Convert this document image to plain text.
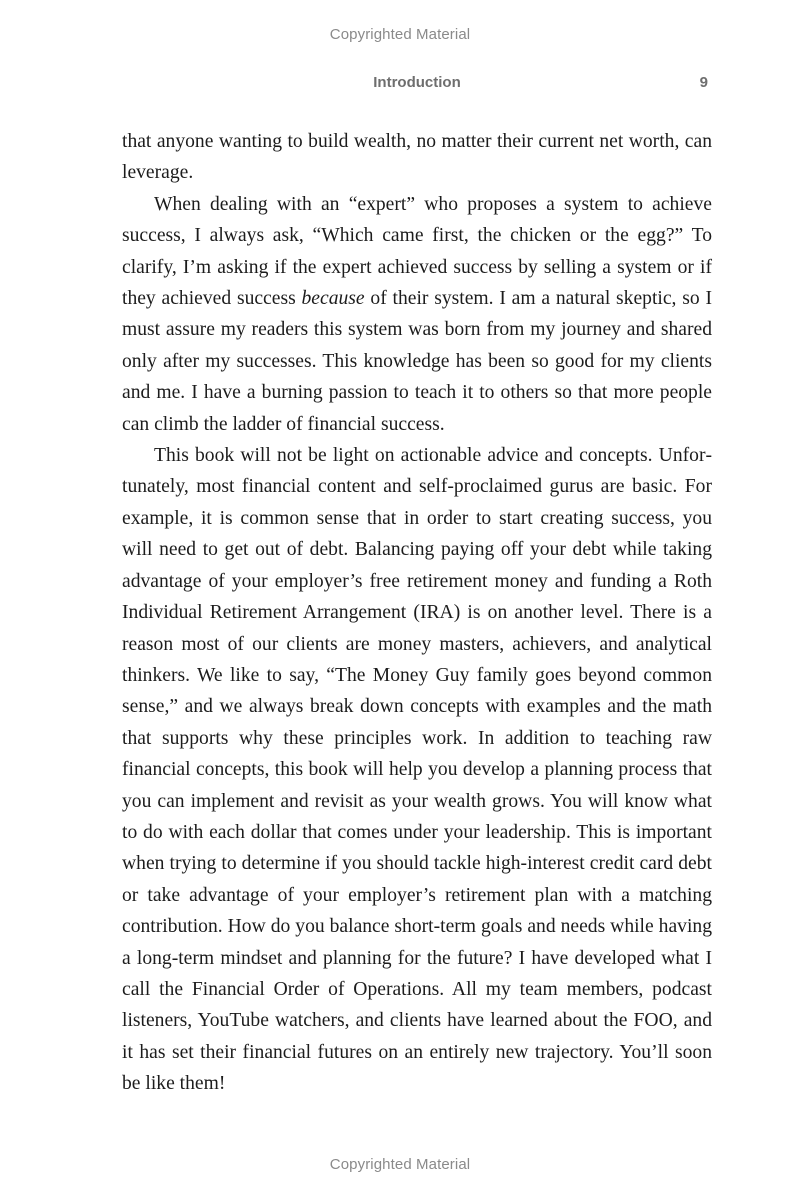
Copyrighted Material
Introduction	9

that anyone wanting to build wealth, no matter their current net worth, can leverage.

When dealing with an “expert” who proposes a system to achieve success, I always ask, “Which came first, the chicken or the egg?” To clarify, I’m asking if the expert achieved success by selling a system or if they achieved success because of their system. I am a natural skeptic, so I must assure my readers this system was born from my journey and shared only after my successes. This knowledge has been so good for my clients and me. I have a burning passion to teach it to others so that more people can climb the ladder of financial success.

This book will not be light on actionable advice and concepts. Unfortunately, most financial content and self-proclaimed gurus are basic. For example, it is common sense that in order to start creating success, you will need to get out of debt. Balancing paying off your debt while taking advantage of your employer’s free retirement money and funding a Roth Individual Retirement Arrangement (IRA) is on another level. There is a reason most of our clients are money masters, achievers, and analytical thinkers. We like to say, “The Money Guy family goes beyond common sense,” and we always break down concepts with examples and the math that supports why these principles work. In addition to teaching raw financial concepts, this book will help you develop a planning process that you can implement and revisit as your wealth grows. You will know what to do with each dollar that comes under your leadership. This is important when trying to determine if you should tackle high-interest credit card debt or take advantage of your employer’s retirement plan with a matching contribution. How do you balance short-term goals and needs while having a long-term mindset and planning for the future? I have developed what I call the Financial Order of Operations. All my team members, podcast listeners, YouTube watchers, and clients have learned about the FOO, and it has set their financial futures on an entirely new trajectory. You’ll soon be like them!

Copyrighted Material
